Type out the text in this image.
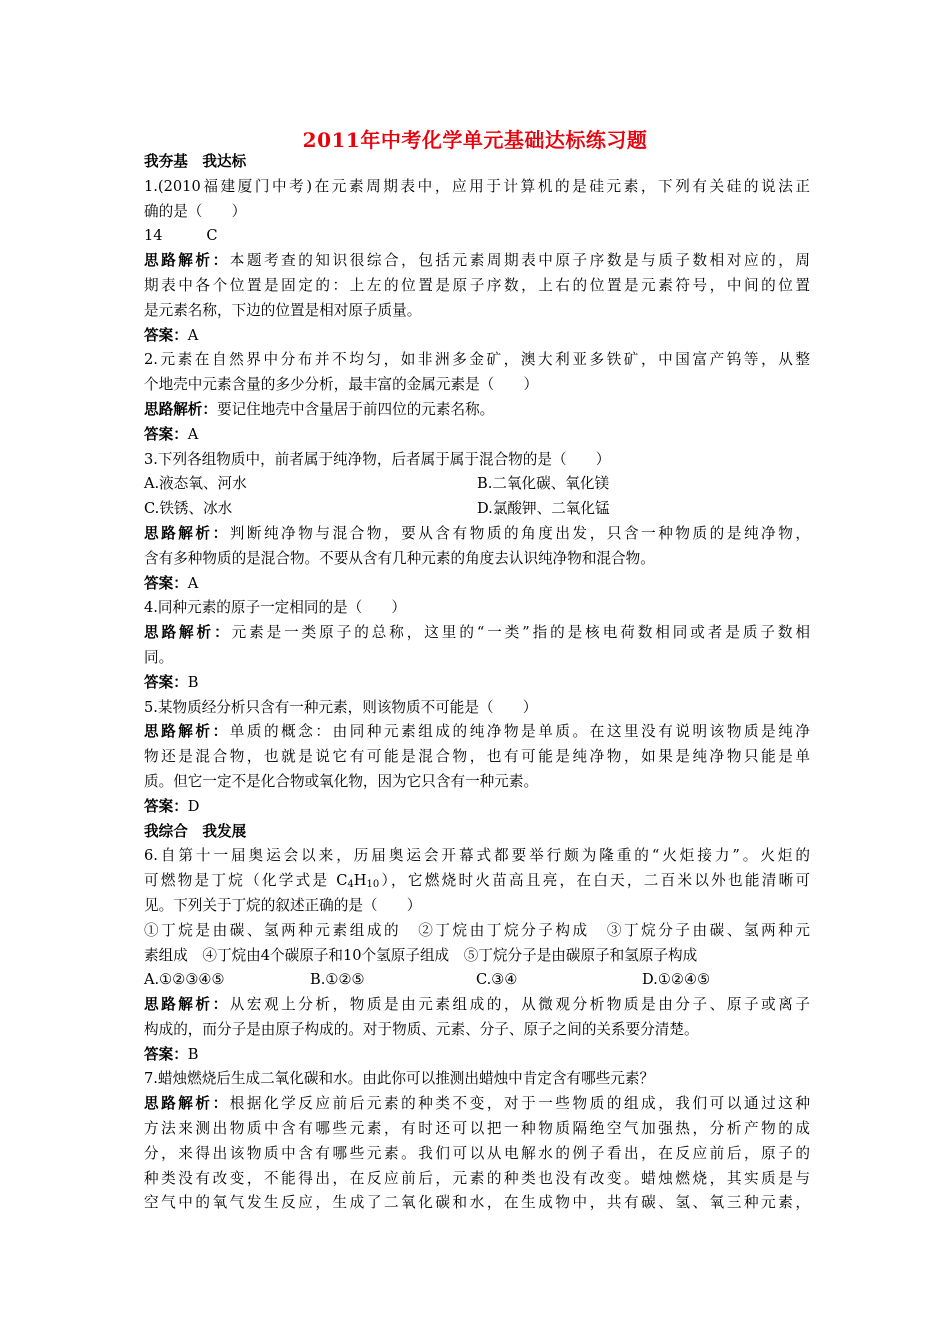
2011年中考化学单元基础达标练习题
我夯基　我达标
1.(2010福建厦门中考)在元素周期表中，应用于计算机的是硅元素，下列有关硅的说法正
确的是（　　）
14　　　C
思路解析：本题考查的知识很综合，包括元素周期表中原子序数是与质子数相对应的，周
期表中各个位置是固定的：上左的位置是原子序数，上右的位置是元素符号，中间的位置
是元素名称，下边的位置是相对原子质量。
答案：A
2.元素在自然界中分布并不均匀，如非洲多金矿，澳大利亚多铁矿，中国富产钨等，从整
个地壳中元素含量的多少分析，最丰富的金属元素是（　　）
思路解析：要记住地壳中含量居于前四位的元素名称。
答案：A
3.下列各组物质中，前者属于纯净物，后者属于属于混合物的是（　　）
A.液态氧、河水	B.二氧化碳、氧化镁
C.铁锈、冰水	D.氯酸钾、二氧化锰
思路解析：判断纯净物与混合物，要从含有物质的角度出发，只含一种物质的是纯净物，
含有多种物质的是混合物。不要从含有几种元素的角度去认识纯净物和混合物。
答案：A
4.同种元素的原子一定相同的是（　　）
思路解析：元素是一类原子的总称，这里的“一类”指的是核电荷数相同或者是质子数相
同。
答案：B
5.某物质经分析只含有一种元素，则该物质不可能是（　　）
思路解析：单质的概念：由同种元素组成的纯净物是单质。在这里没有说明该物质是纯净
物还是混合物，也就是说它有可能是混合物，也有可能是纯净物，如果是纯净物只能是单
质。但它一定不是化合物或氧化物，因为它只含有一种元素。
答案：D
我综合　我发展
6.自第十一届奥运会以来，历届奥运会开幕式都要举行颇为隆重的“火炬接力”。火炬的
可燃物是丁烷（化学式是 $C_4H_{10}$），它燃烧时火苗高且亮，在白天，二百米以外也能清晰可
见。下列关于丁烷的叙述正确的是（　　）
①丁烷是由碳、氢两种元素组成的　②丁烷由丁烷分子构成　③丁烷分子由碳、氢两种元
素组成　④丁烷由4个碳原子和10个氢原子组成　⑤丁烷分子是由碳原子和氢原子构成
A.①②③④⑤	B.①②⑤	C.③④	D.①②④⑤
思路解析：从宏观上分析，物质是由元素组成的，从微观分析物质是由分子、原子或离子
构成的，而分子是由原子构成的。对于物质、元素、分子、原子之间的关系要分清楚。
答案：B
7.蜡烛燃烧后生成二氧化碳和水。由此你可以推测出蜡烛中肯定含有哪些元素？
思路解析：根据化学反应前后元素的种类不变，对于一些物质的组成，我们可以通过这种
方法来测出物质中含有哪些元素，有时还可以把一种物质隔绝空气加强热，分析产物的成
分，来得出该物质中含有哪些元素。我们可以从电解水的例子看出，在反应前后，原子的
种类没有改变，不能得出，在反应前后，元素的种类也没有改变。蜡烛燃烧，其实质是与
空气中的氧气发生反应，生成了二氧化碳和水，在生成物中，共有碳、氢、氧三种元素，
